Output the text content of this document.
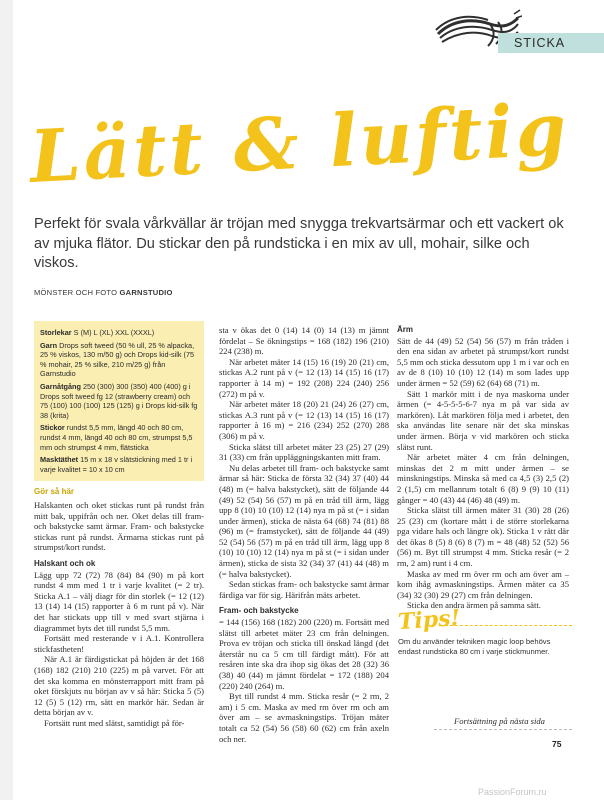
STICKA
Lätt & luftig
Perfekt för svala vårkvällar är tröjan med snygga trekvartsärmar och ett vackert ok av mjuka flätor. Du stickar den på rundsticka i en mix av ull, mohair, silke och viskos.
MÖNSTER OCH FOTO GARNSTUDIO

Storlekar S (M) L (XL) XXL (XXXL)

Garn Drops soft tweed (50 % ull, 25 % alpacka, 25 % viskos, 130 m/50 g) och Drops kid-silk (75 % mohair, 25 % silke, 210 m/25 g) från Garnstudio

Garnåtgång 250 (300) 300 (350) 400 (400) g i Drops soft tweed fg 12 (strawberry cream) och 75 (100) 100 (100) 125 (125) g i Drops kid-silk fg 38 (krita)

Stickor rundst 5,5 mm, längd 40 och 80 cm, rundst 4 mm, längd 40 och 80 cm, strumpst 5,5 mm och strumpst 4 mm, flätsticka

Masktäthet 15 m x 18 v slätstickning med 1 tr i varje kvalitet = 10 x 10 cm

Gör så här

Halskanten och oket stickas runt på rundst från mitt bak, uppifrån och ner. Oket delas till fram- och bakstycke samt ärmar. Fram- och bakstycke stickas runt på rundst. Ärmarna stickas runt på strumpst/kort rundst.

Halskant och ok

Lägg upp 72 (72) 78 (84) 84 (90) m på kort rundst 4 mm med 1 tr i varje kvalitet (= 2 tr). Sticka A.1 – välj diagr för din storlek (= 12 (12) 13 (14) 14 (15) rapporter à 6 m runt på v). När det har stickats upp till v med svart stjärna i diagrammet byts det till rundst 5,5 mm.

Fortsätt med resterande v i A.1. Kontrollera stickfastheten!

När A.1 är färdigstickat på höjden är det 168 (168) 182 (210) 210 (225) m på varvet. För att det ska komma en mönsterrapport mitt fram på oket förskjuts nu början av v så här: Sticka 5 (5) 12 (5) 5 (12) rm, sätt en markör här. Sedan är detta början av v.

Fortsätt runt med slätst, samtidigt på för-

sta v ökas det 0 (14) 14 (0) 14 (13) m jämnt fördelat – Se ökningstips = 168 (182) 196 (210) 224 (238) m.

När arbetet mäter 14 (15) 16 (19) 20 (21) cm, stickas A.2 runt på v (= 12 (13) 14 (15) 16 (17) rapporter à 14 m) = 192 (208) 224 (240) 256 (272) m på v.

När arbetet mäter 18 (20) 21 (24) 26 (27) cm, stickas A.3 runt på v (= 12 (13) 14 (15) 16 (17) rapporter à 16 m) = 216 (234) 252 (270) 288 (306) m på v.

Sticka slätst till arbetet mäter 23 (25) 27 (29) 31 (33) cm från uppläggningskanten mitt fram.

Nu delas arbetet till fram- och bakstycke samt ärmar så här: Sticka de första 32 (34) 37 (40) 44 (48) m (= halva bakstycket), sätt de följande 44 (49) 52 (54) 56 (57) m på en tråd till ärm, lägg upp 8 (10) 10 (10) 12 (14) nya m på st (= i sidan under ärmen), sticka de nästa 64 (68) 74 (81) 88 (96) m (= framstycket), sätt de följande 44 (49) 52 (54) 56 (57) m på en tråd till ärm, lägg upp 8 (10) 10 (10) 12 (14) nya m på st (= i sidan under ärmen), sticka de sista 32 (34) 37 (41) 44 (48) m (= halva bakstycket).

Sedan stickas fram- och bakstycke samt ärmar färdiga var för sig. Härifrån mäts arbetet.

Fram- och bakstycke

= 144 (156) 168 (182) 200 (220) m. Fortsätt med slätst till arbetet mäter 23 cm från delningen. Prova ev tröjan och sticka till önskad längd (det återstår nu ca 5 cm till färdigt mått). För att resåren inte ska dra ihop sig ökas det 28 (32) 36 (38) 40 (44) m jämnt fördelat = 172 (188) 204 (220) 240 (264) m.

Byt till rundst 4 mm. Sticka resår (= 2 rm, 2 am) i 5 cm. Maska av med rm över rm och am över am – se avmaskningstips. Tröjan mäter totalt ca 52 (54) 56 (58) 60 (62) cm från axeln och ner.

Ärm

Sätt de 44 (49) 52 (54) 56 (57) m från tråden i den ena sidan av arbetet på strumpst/kort rundst 5,5 mm och sticka dessutom upp 1 m i var och en av de 8 (10) 10 (10) 12 (14) m som lades upp under ärmen = 52 (59) 62 (64) 68 (71) m.

Sätt 1 markör mitt i de nya maskorna under ärmen (= 4-5-5-5-6-7 nya m på var sida av markören). Låt markören följa med i arbetet, den ska användas lite senare när det ska minskas under ärmen. Börja v vid markören och sticka slätst runt.

När arbetet mäter 4 cm från delningen, minskas det 2 m mitt under ärmen – se minskningstips. Minska så med ca 4,5 (3) 2,5 (2) 2 (1,5) cm mellanrum totalt 6 (8) 9 (9) 10 (11) gånger = 40 (43) 44 (46) 48 (49) m.

Sticka slätst till ärmen mäter 31 (30) 28 (26) 25 (23) cm (kortare mått i de större storlekarna pga vidare hals och längre ok). Sticka 1 v rätt där det ökas 8 (5) 8 (6) 8 (7) m = 48 (48) 52 (52) 56 (56) m. Byt till strumpst 4 mm. Sticka resår (= 2 rm, 2 am) runt i 4 cm.

Maska av med rm över rm och am över am – kom ihåg avmaskningstips. Ärmen mäter ca 35 (34) 32 (30) 29 (27) cm från delningen.

Sticka den andra ärmen på samma sätt.

Tips!
Om du använder tekniken magic loop behövs endast rundsticka 80 cm i varje stickmunmer.
Fortsättning på nästa sida
75
PassionForum.ru
